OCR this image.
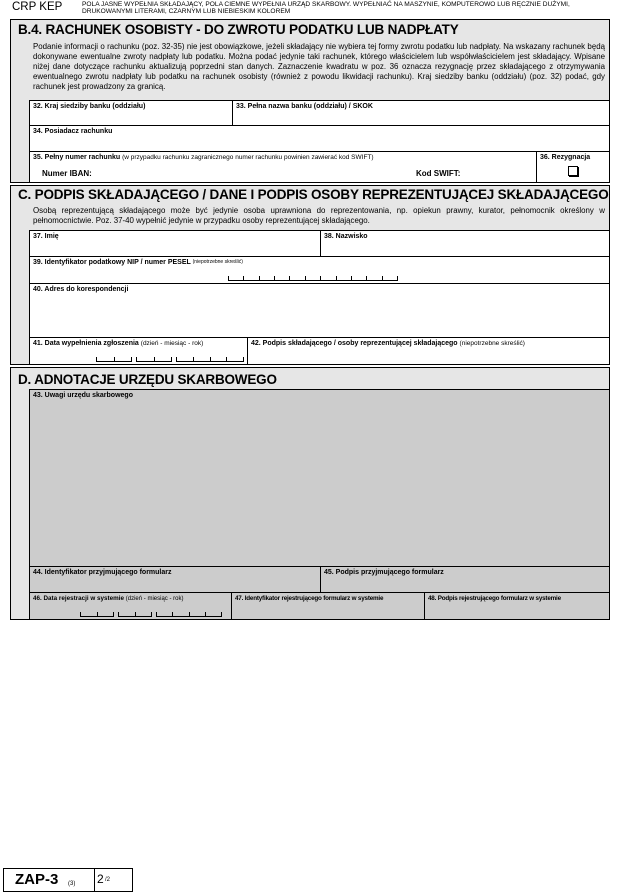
CRP KEP	POLA JASNE WYPEŁNIA SKŁADAJĄCY, POLA CIEMNE WYPEŁNIA URZĄD SKARBOWY. WYPEŁNIAĆ NA MASZYNIE, KOMPUTEROWO LUB RĘCZNIE DUŻYMI, DRUKOWANYMI LITERAMI, CZARNYM LUB NIEBIESKIM KOLOREM
B.4. RACHUNEK OSOBISTY - DO ZWROTU PODATKU LUB NADPŁATY
Podanie informacji o rachunku (poz. 32-35) nie jest obowiązkowe, jeżeli składający nie wybiera tej formy zwrotu podatku lub nadpłaty. Na wskazany rachunek będą dokonywane ewentualne zwroty nadpłaty lub podatku. Można podać jedynie taki rachunek, którego właścicielem lub współwłaścicielem jest składający. Wpisane niżej dane dotyczące rachunku aktualizują poprzedni stan danych. Zaznaczenie kwadratu w poz. 36 oznacza rezygnację przez składającego z otrzymywania ewentualnego zwrotu nadpłaty lub podatku na rachunek osobisty (również z powodu likwidacji rachunku). Kraj siedziby banku (oddziału) (poz. 32) podać, gdy rachunek jest prowadzony za granicą.
32. Kraj siedziby banku (oddziału)	33. Pełna nazwa banku (oddziału) / SKOK
34. Posiadacz rachunku
35. Pełny numer rachunku (w przypadku rachunku zagranicznego numer rachunku powinien zawierać kod SWIFT)
Numer IBAN:	Kod SWIFT:
36. Rezygnacja
C. PODPIS SKŁADAJĄCEGO / DANE I PODPIS OSOBY REPREZENTUJĄCEJ SKŁADAJĄCEGO
Osobą reprezentującą składającego może być jedynie osoba uprawniona do reprezentowania, np. opiekun prawny, kurator, pełnomocnik określony w pełnomocnictwie. Poz. 37-40 wypełnić jedynie w przypadku osoby reprezentującej składającego.
37. Imię	38. Nazwisko
39. Identyfikator podatkowy NIP / numer PESEL $^{(niepotrzebne skreślić)}$
40. Adres do korespondencji
41. Data wypełnienia zgłoszenia (dzień - miesiąc - rok)	42. Podpis składającego / osoby reprezentującej składającego (niepotrzebne skreślić)
D. ADNOTACJE URZĘDU SKARBOWEGO
43. Uwagi urzędu skarbowego
44. Identyfikator przyjmującego formularz	45. Podpis przyjmującego formularz
46. Data rejestracji w systemie (dzień - miesiąc - rok)	47. Identyfikator rejestrującego formularz w systemie	48. Podpis rejestrującego formularz w systemie
ZAP-3 (3) 2 /2
